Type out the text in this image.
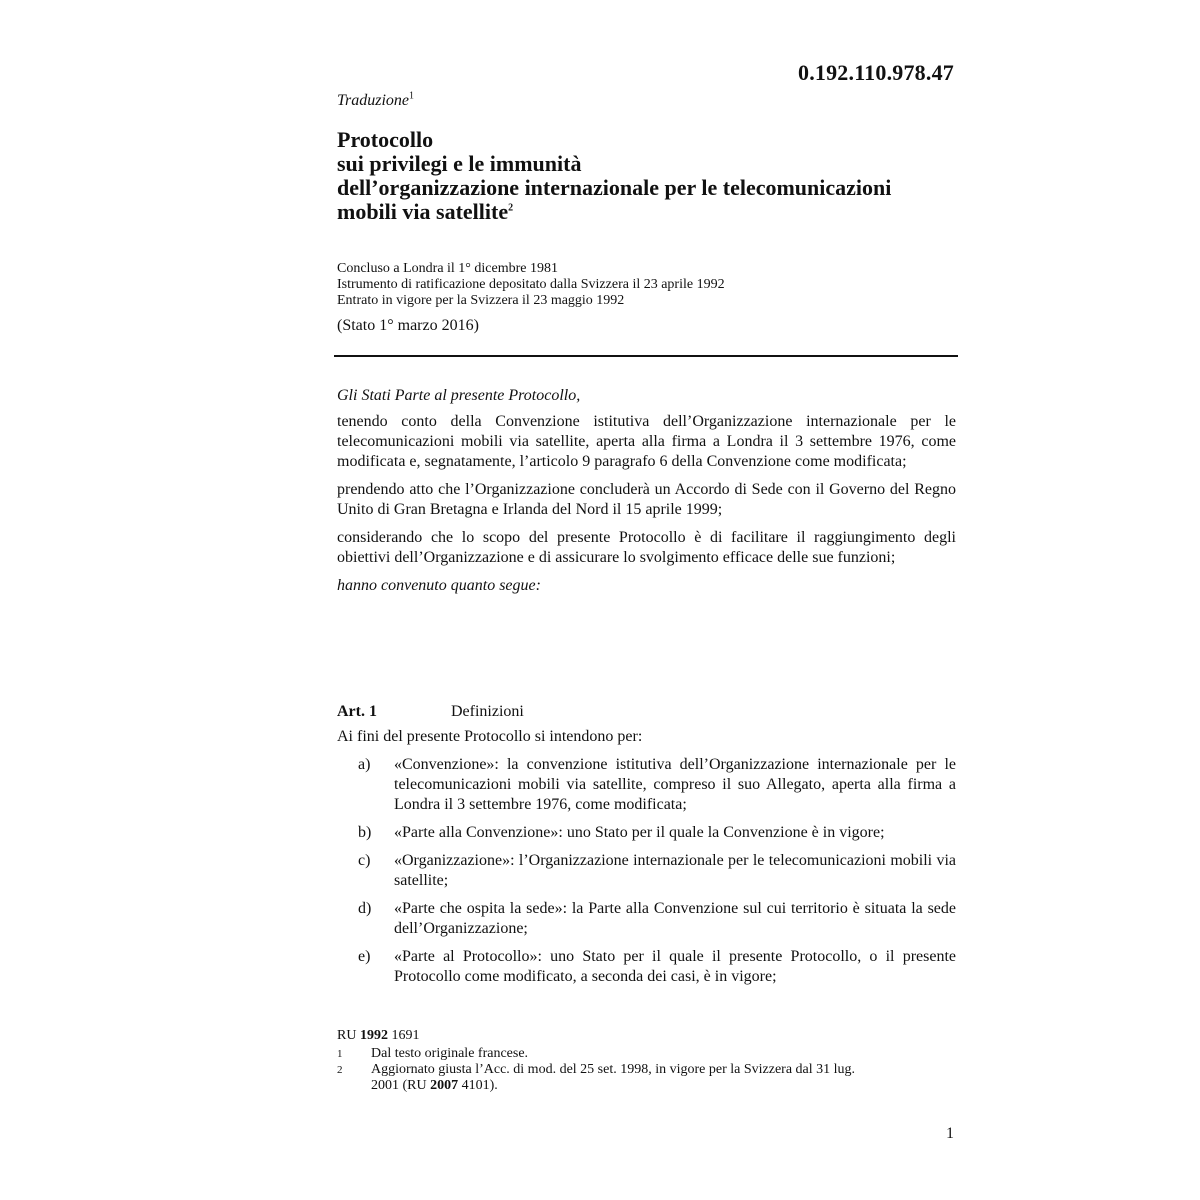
0.192.110.978.47
Traduzione$^1$
Protocollo
sui privilegi e le immunità
dell’organizzazione internazionale per le telecomunicazioni
mobili via satellite$^2$
Concluso a Londra il 1° dicembre 1981
Istrumento di ratificazione depositato dalla Svizzera il 23 aprile 1992
Entrato in vigore per la Svizzera il 23 maggio 1992
(Stato 1° marzo 2016)

Gli Stati Parte al presente Protocollo,

tenendo conto della Convenzione istitutiva dell’Organizzazione internazionale per le telecomunicazioni mobili via satellite, aperta alla firma a Londra il 3 settembre 1976, come modificata e, segnatamente, l’articolo 9 paragrafo 6 della Convenzione come modificata;

prendendo atto che l’Organizzazione concluderà un Accordo di Sede con il Governo del Regno Unito di Gran Bretagna e Irlanda del Nord il 15 aprile 1999;

considerando che lo scopo del presente Protocollo è di facilitare il raggiungimento degli obiettivi dell’Organizzazione e di assicurare lo svolgimento efficace delle sue funzioni;

hanno convenuto quanto segue:

Art. 1	Definizioni

Ai fini del presente Protocollo si intendono per:

a)	«Convenzione»: la convenzione istitutiva dell’Organizzazione internazionale per le telecomunicazioni mobili via satellite, compreso il suo Allegato, aperta alla firma a Londra il 3 settembre 1976, come modificata;
b)	«Parte alla Convenzione»: uno Stato per il quale la Convenzione è in vigore;
c)	«Organizzazione»: l’Organizzazione internazionale per le telecomunicazioni mobili via satellite;
d)	«Parte che ospita la sede»: la Parte alla Convenzione sul cui territorio è situata la sede dell’Organizzazione;
e)	«Parte al Protocollo»: uno Stato per il quale il presente Protocollo, o il presente Protocollo come modificato, a seconda dei casi, è in vigore;
RU 1992 1691
1	Dal testo originale francese.
2	Aggiornato giusta l’Acc. di mod. del 25 set. 1998, in vigore per la Svizzera dal 31 lug. 2001 (RU 2007 4101).
1
